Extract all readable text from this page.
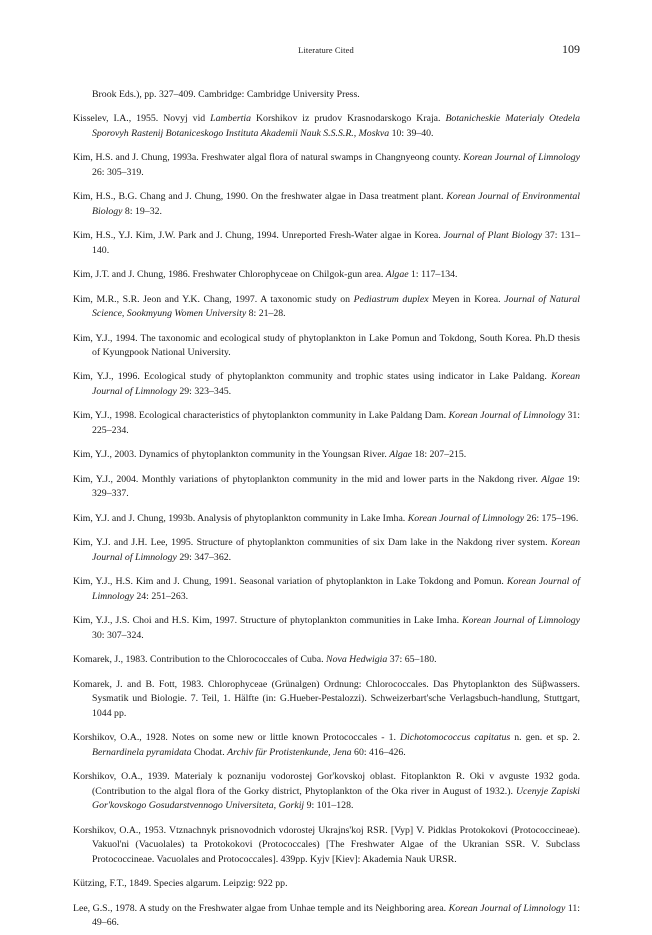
Literature Cited	109

Brook Eds.), pp. 327–409. Cambridge: Cambridge University Press.

Kisselev, I.A., 1955. Novyj vid Lambertia Korshikov iz prudov Krasnodarskogo Kraja. Botanicheskie Materialy Otedela Sporovyh Rastenij Botaniceskogo Instituta Akademii Nauk S.S.S.R., Moskva 10: 39–40.

Kim, H.S. and J. Chung, 1993a. Freshwater algal flora of natural swamps in Changnyeong county. Korean Journal of Limnology 26: 305–319.

Kim, H.S., B.G. Chang and J. Chung, 1990. On the freshwater algae in Dasa treatment plant. Korean Journal of Environmental Biology 8: 19–32.

Kim, H.S., Y.J. Kim, J.W. Park and J. Chung, 1994. Unreported Fresh-Water algae in Korea. Journal of Plant Biology 37: 131–140.

Kim, J.T. and J. Chung, 1986. Freshwater Chlorophyceae on Chilgok-gun area. Algae 1: 117–134.

Kim, M.R., S.R. Jeon and Y.K. Chang, 1997. A taxonomic study on Pediastrum duplex Meyen in Korea. Journal of Natural Science, Sookmyung Women University 8: 21–28.

Kim, Y.J., 1994. The taxonomic and ecological study of phytoplankton in Lake Pomun and Tokdong, South Korea. Ph.D thesis of Kyungpook National University.

Kim, Y.J., 1996. Ecological study of phytoplankton community and trophic states using indicator in Lake Paldang. Korean Journal of Limnology 29: 323–345.

Kim, Y.J., 1998. Ecological characteristics of phytoplankton community in Lake Paldang Dam. Korean Journal of Limnology 31: 225–234.

Kim, Y.J., 2003. Dynamics of phytoplankton community in the Youngsan River. Algae 18: 207–215.

Kim, Y.J., 2004. Monthly variations of phytoplankton community in the mid and lower parts in the Nakdong river. Algae 19: 329–337.

Kim, Y.J. and J. Chung, 1993b. Analysis of phytoplankton community in Lake Imha. Korean Journal of Limnology 26: 175–196.

Kim, Y.J. and J.H. Lee, 1995. Structure of phytoplankton communities of six Dam lake in the Nakdong river system. Korean Journal of Limnology 29: 347–362.

Kim, Y.J., H.S. Kim and J. Chung, 1991. Seasonal variation of phytoplankton in Lake Tokdong and Pomun. Korean Journal of Limnology 24: 251–263.

Kim, Y.J., J.S. Choi and H.S. Kim, 1997. Structure of phytoplankton communities in Lake Imha. Korean Journal of Limnology 30: 307–324.

Komarek, J., 1983. Contribution to the Chlorococcales of Cuba. Nova Hedwigia 37: 65–180.

Komarek, J. and B. Fott, 1983. Chlorophyceae (Grünalgen) Ordnung: Chlorococcales. Das Phytoplankton des Süβwassers. Sysmatik und Biologie. 7. Teil, 1. Hälfte (in: G.Hueber-Pestalozzi). Schweizerbart'sche Verlagsbuch-handlung, Stuttgart, 1044 pp.

Korshikov, O.A., 1928. Notes on some new or little known Protococcales - 1. Dichotomococcus capitatus n. gen. et sp. 2. Bernardinela pyramidata Chodat. Archiv für Protistenkunde, Jena 60: 416–426.

Korshikov, O.A., 1939. Materialy k poznaniju vodorostej Gor'kovskoj oblast. Fitoplankton R. Oki v avguste 1932 goda. (Contribution to the algal flora of the Gorky district, Phytoplankton of the Oka river in August of 1932.). Ucenyje Zapiski Gor'kovskogo Gosudarstvennogo Universiteta, Gorkij 9: 101–128.

Korshikov, O.A., 1953. Vtznachnyk prisnovodnich vdorostej Ukrajns'koj RSR. [Vyp] V. Pidklas Protokokovi (Protococcineae). Vakuol'ni (Vacuolales) ta Protokokovi (Protococcales) [The Freshwater Algae of the Ukranian SSR. V. Subclass Protococcineae. Vacuolales and Protococcales]. 439pp. Kyjv [Kiev]: Akademia Nauk URSR.

Kützing, F.T., 1849. Species algarum. Leipzig: 922 pp.

Lee, G.S., 1978. A study on the Freshwater algae from Unhae temple and its Neighboring area. Korean Journal of Limnology 11: 49–66.
